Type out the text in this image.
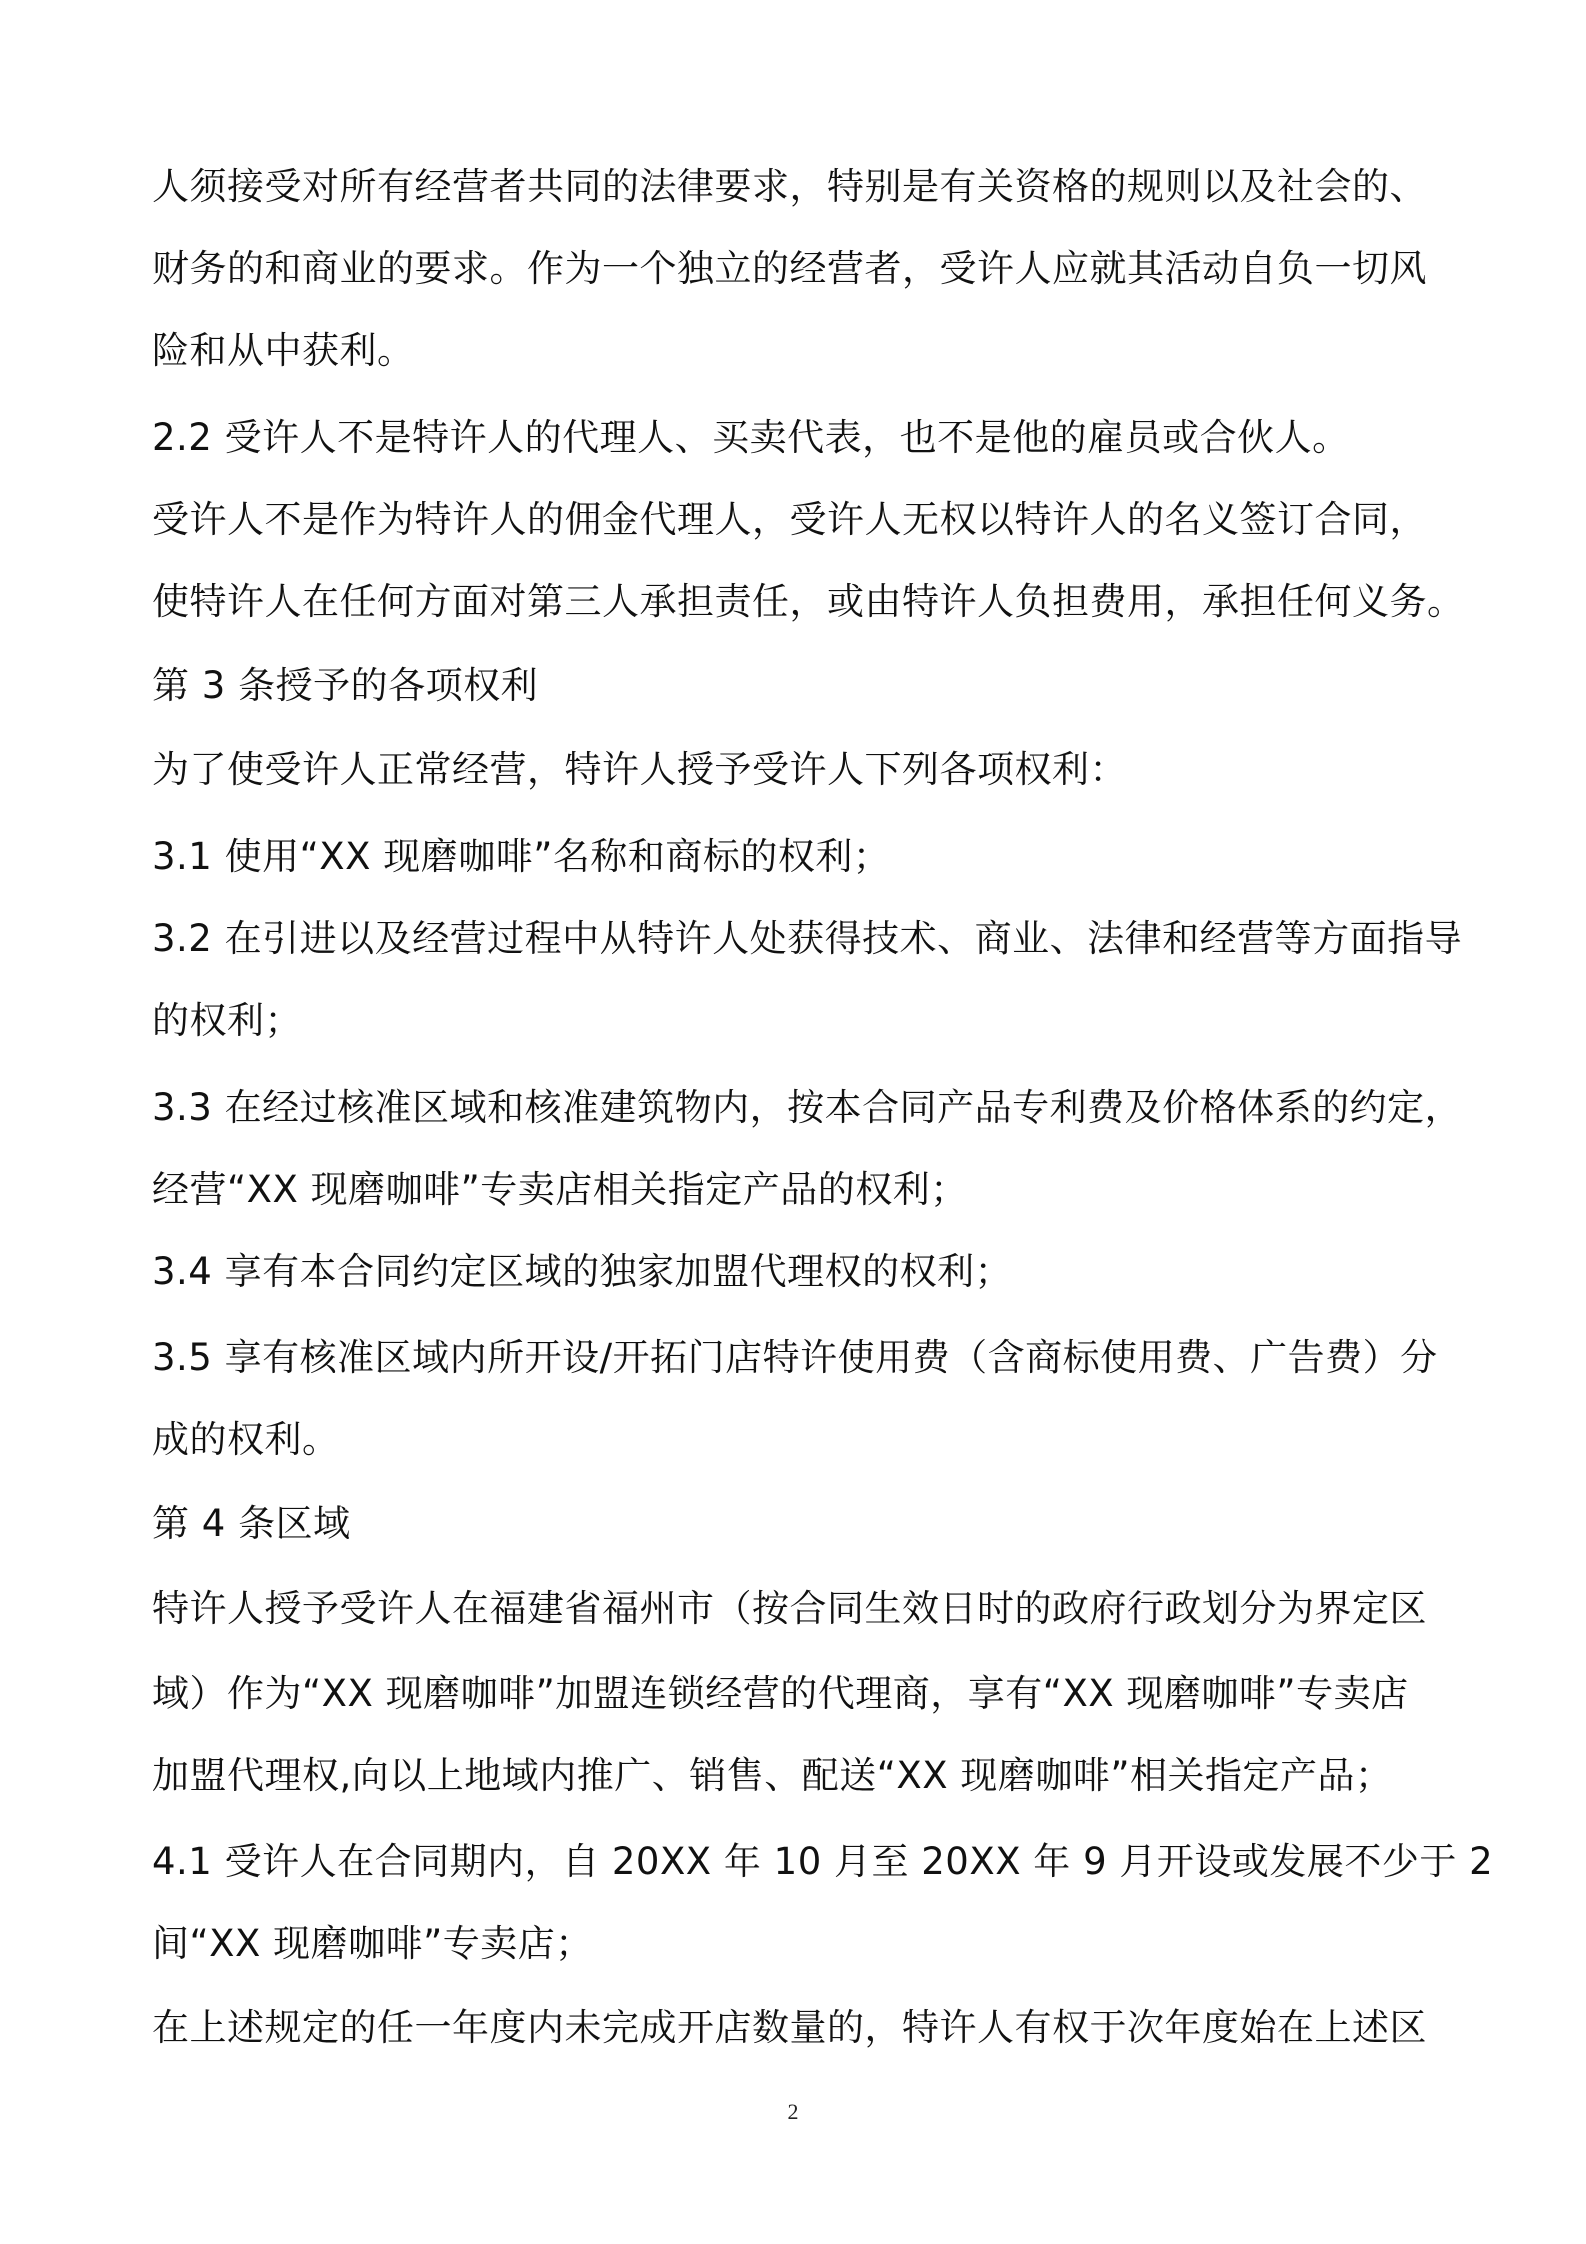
人须接受对所有经营者共同的法律要求，特别是有关资格的规则以及社会的、

财务的和商业的要求。作为一个独立的经营者，受许人应就其活动自负一切风

险和从中获利。

2.2 受许人不是特许人的代理人、买卖代表，也不是他的雇员或合伙人。

受许人不是作为特许人的佣金代理人，受许人无权以特许人的名义签订合同，

使特许人在任何方面对第三人承担责任，或由特许人负担费用，承担任何义务。

第 3 条授予的各项权利

为了使受许人正常经营，特许人授予受许人下列各项权利：

3.1 使用“XX 现磨咖啡”名称和商标的权利；

3.2 在引进以及经营过程中从特许人处获得技术、商业、法律和经营等方面指导

的权利；

3.3 在经过核准区域和核准建筑物内，按本合同产品专利费及价格体系的约定，

经营“XX 现磨咖啡”专卖店相关指定产品的权利；

3.4 享有本合同约定区域的独家加盟代理权的权利；

3.5 享有核准区域内所开设/开拓门店特许使用费（含商标使用费、广告费）分

成的权利。

第 4 条区域

特许人授予受许人在福建省福州市（按合同生效日时的政府行政划分为界定区

域）作为“XX 现磨咖啡”加盟连锁经营的代理商，享有“XX 现磨咖啡”专卖店

加盟代理权,向以上地域内推广、销售、配送“XX 现磨咖啡”相关指定产品；

4.1 受许人在合同期内，自 20XX 年 10 月至 20XX 年 9 月开设或发展不少于 2

间“XX 现磨咖啡”专卖店；

在上述规定的任一年度内未完成开店数量的，特许人有权于次年度始在上述区

2
